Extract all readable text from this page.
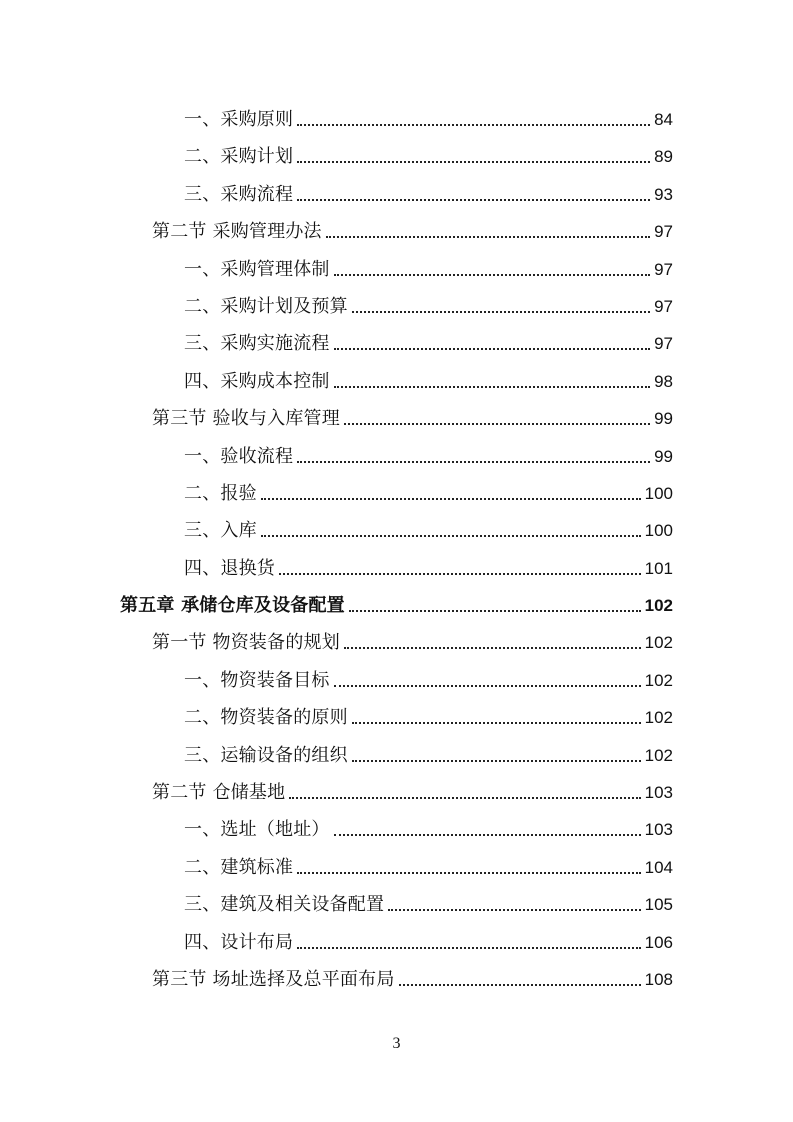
一、采购原则	84
二、采购计划	89
三、采购流程	93
第二节 采购管理办法	97
一、采购管理体制	97
二、采购计划及预算	97
三、采购实施流程	97
四、采购成本控制	98
第三节 验收与入库管理	99
一、验收流程	99
二、报验	100
三、入库	100
四、退换货	101
第五章 承储仓库及设备配置	102
第一节 物资装备的规划	102
一、物资装备目标	102
二、物资装备的原则	102
三、运输设备的组织	102
第二节 仓储基地	103
一、选址（地址）	103
二、建筑标准	104
三、建筑及相关设备配置	105
四、设计布局	106
第三节 场址选择及总平面布局	108
3
